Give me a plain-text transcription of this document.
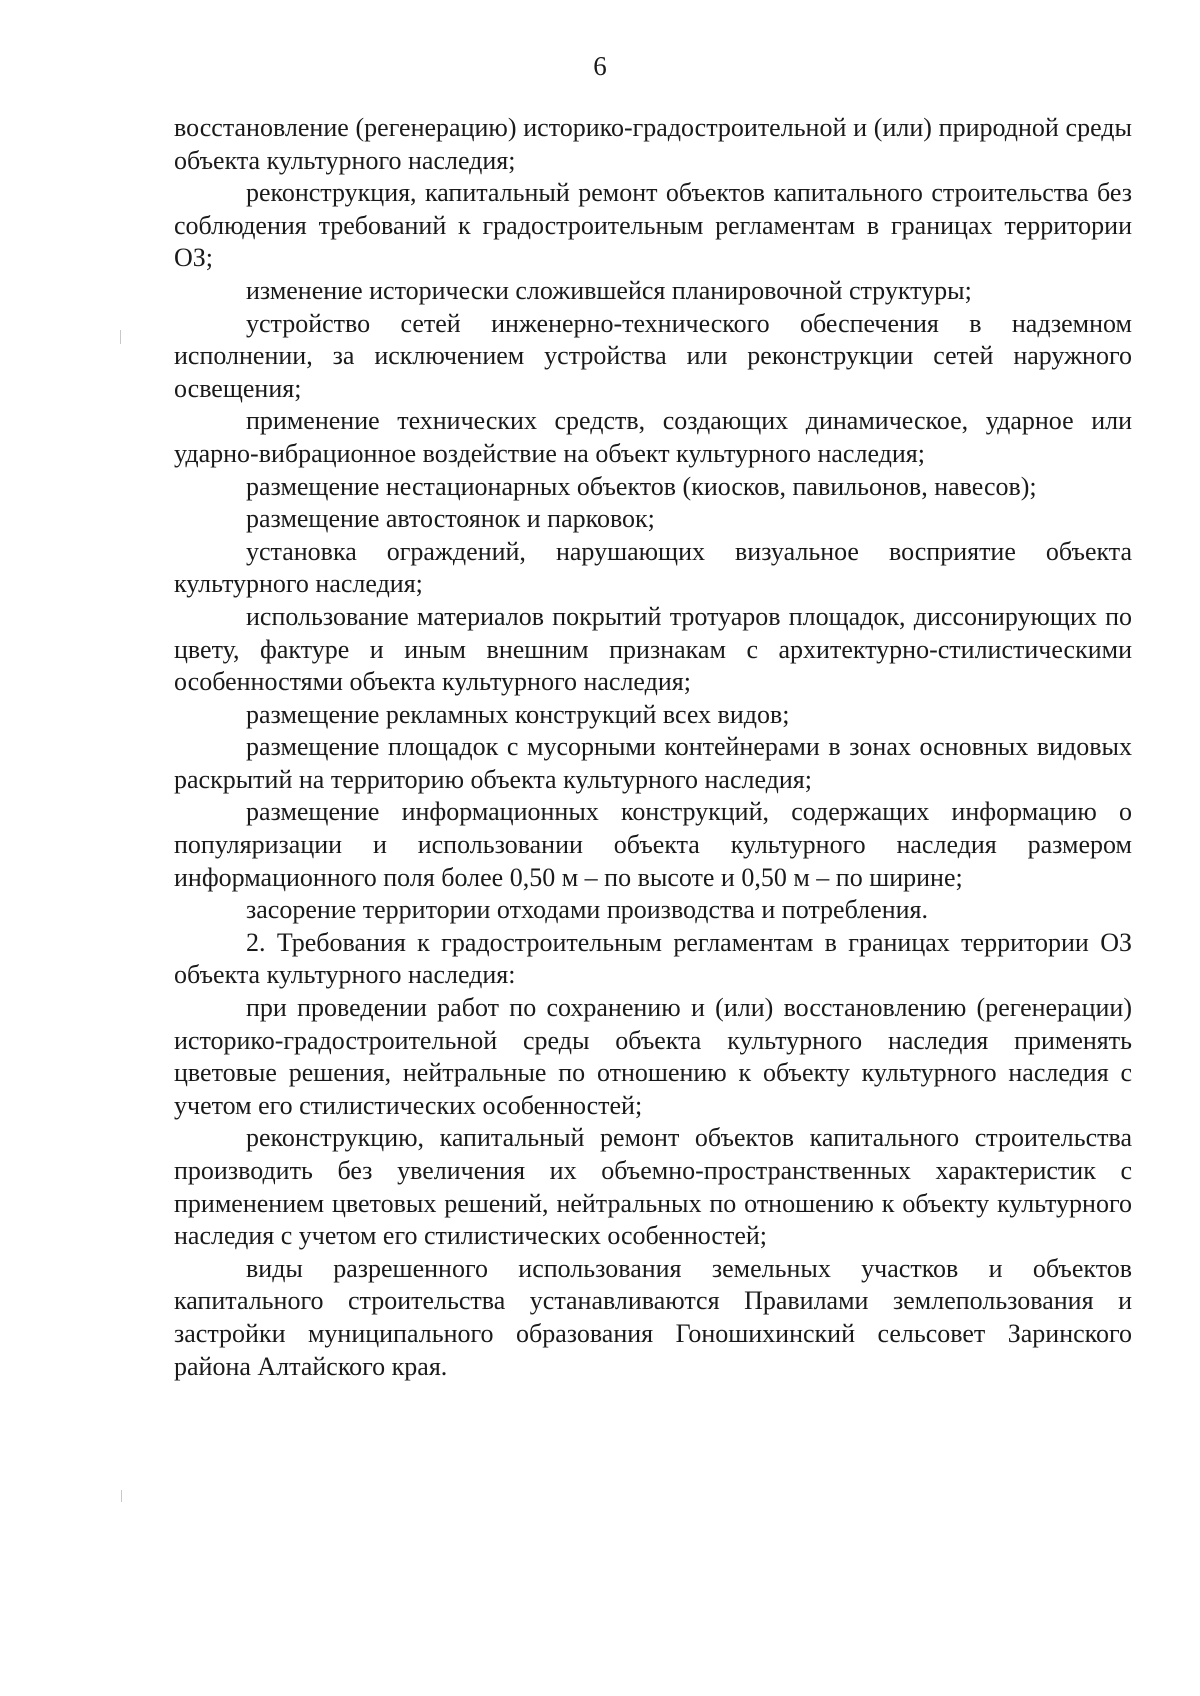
6

восстановление (регенерацию) историко-градостроительной и (или) природной среды объекта культурного наследия;

реконструкция, капитальный ремонт объектов капитального строительства без соблюдения требований к градостроительным регламентам в границах территории ОЗ;

изменение исторически сложившейся планировочной структуры;

устройство сетей инженерно-технического обеспечения в надземном исполнении, за исключением устройства или реконструкции сетей наружного освещения;

применение технических средств, создающих динамическое, ударное или ударно-вибрационное воздействие на объект культурного наследия;

размещение нестационарных объектов (киосков, павильонов, навесов);

размещение автостоянок и парковок;

установка ограждений, нарушающих визуальное восприятие объекта культурного наследия;

использование материалов покрытий тротуаров площадок, диссонирующих по цвету, фактуре и иным внешним признакам с архитектурно-стилистическими особенностями объекта культурного наследия;

размещение рекламных конструкций всех видов;

размещение площадок с мусорными контейнерами в зонах основных видовых раскрытий на территорию объекта культурного наследия;

размещение информационных конструкций, содержащих информацию о популяризации и использовании объекта культурного наследия размером информационного поля более 0,50 м – по высоте и 0,50 м – по ширине;

засорение территории отходами производства и потребления.

2. Требования к градостроительным регламентам в границах территории ОЗ объекта культурного наследия:

при проведении работ по сохранению и (или) восстановлению (регенерации) историко-градостроительной среды объекта культурного наследия применять цветовые решения, нейтральные по отношению к объекту культурного наследия с учетом его стилистических особенностей;

реконструкцию, капитальный ремонт объектов капитального строительства производить без увеличения их объемно-пространственных характеристик с применением цветовых решений, нейтральных по отношению к объекту культурного наследия с учетом его стилистических особенностей;

виды разрешенного использования земельных участков и объектов капитального строительства устанавливаются Правилами землепользования и застройки муниципального образования Гоношихинский сельсовет Заринского района Алтайского края.
